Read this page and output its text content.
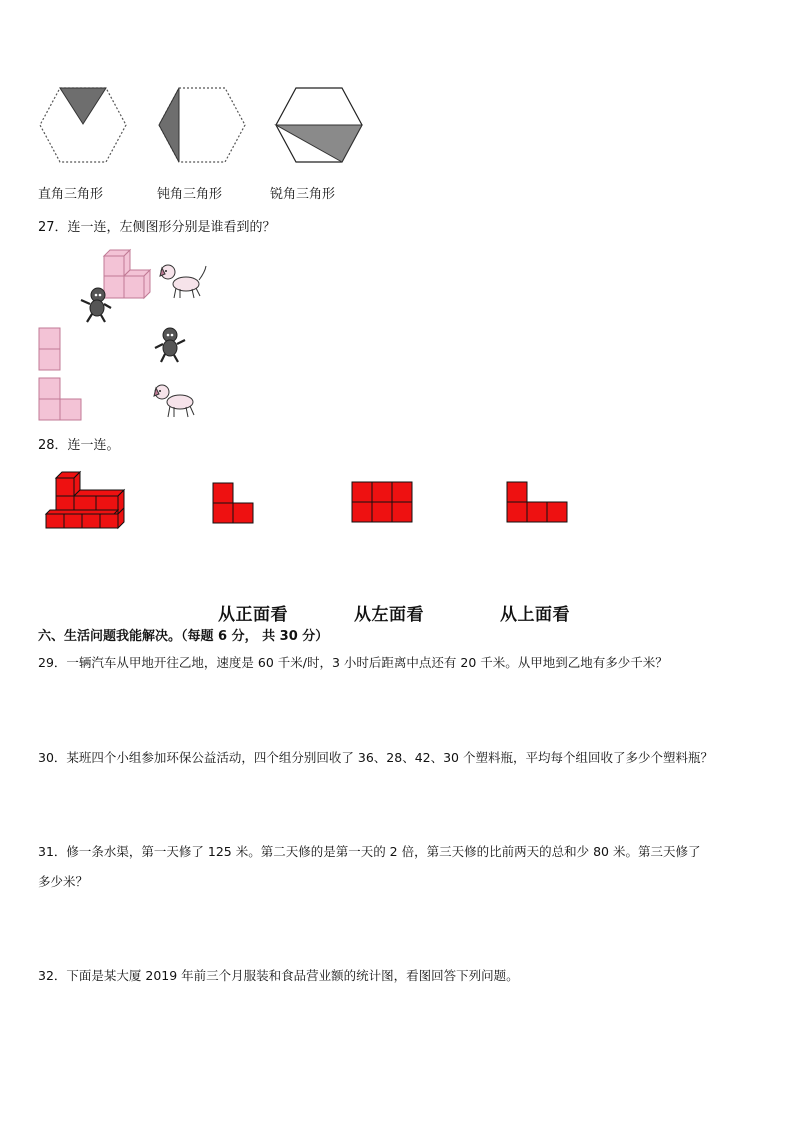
直角三角形	钝角三角形	锐角三角形
27．连一连，左侧图形分别是谁看到的？
28．连一连。
从正面看	从左面看	从上面看
六、生活问题我能解决。（每题 6 分， 共 30 分）
29．一辆汽车从甲地开往乙地，速度是 60 千米/时，3 小时后距离中点还有 20 千米。从甲地到乙地有多少千米？
30．某班四个小组参加环保公益活动，四个组分别回收了 36、28、42、30 个塑料瓶，平均每个组回收了多少个塑料瓶？
31．修一条水渠，第一天修了 125 米。第二天修的是第一天的 2 倍，第三天修的比前两天的总和少 80 米。第三天修了
多少米？
32．下面是某大厦 2019 年前三个月服装和食品营业额的统计图，看图回答下列问题。
